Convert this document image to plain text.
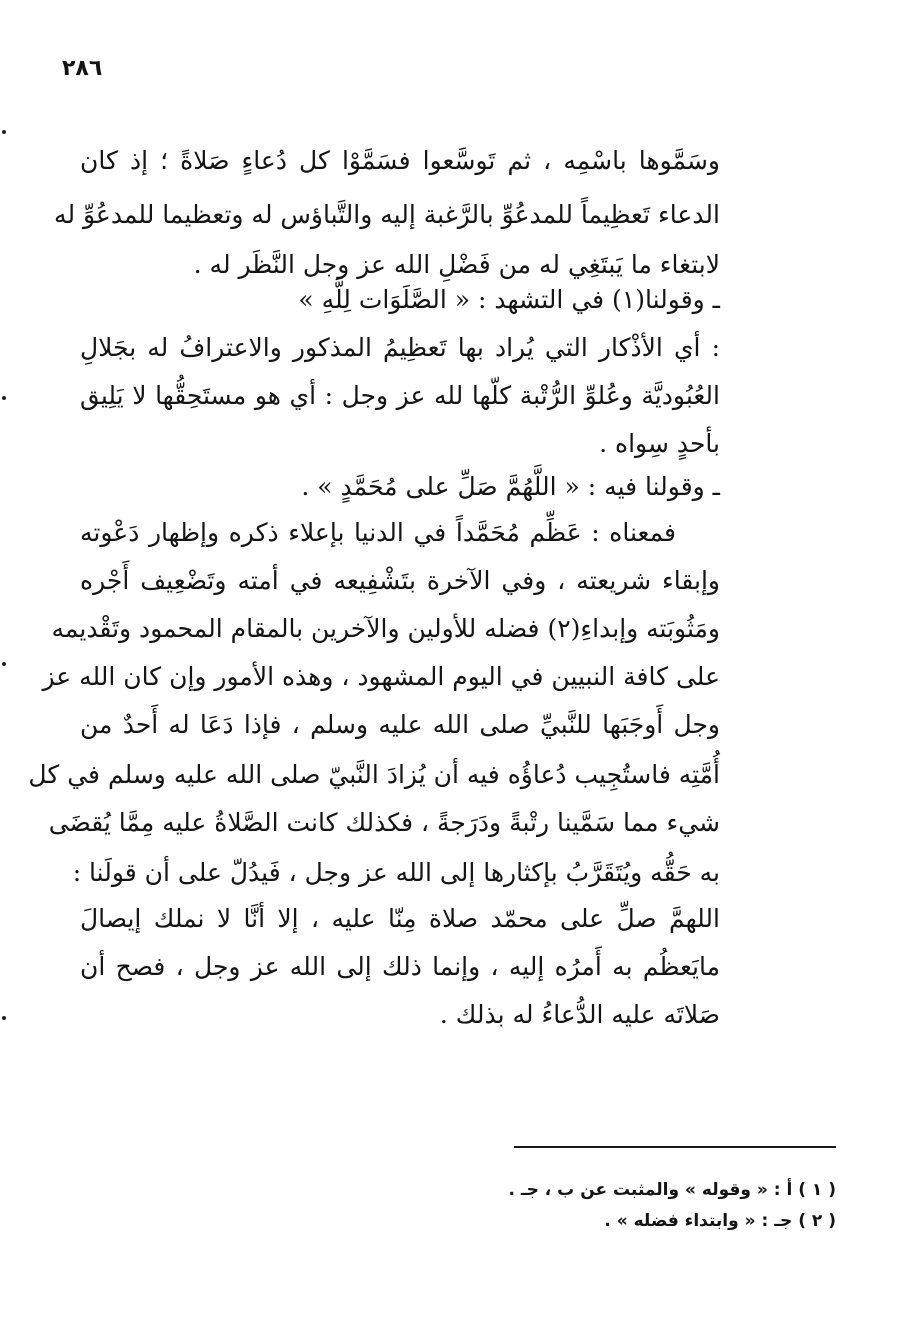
٢٨٦
وسَمَّوها باسْمِه ، ثم تَوسَّعوا فسَمَّوْا كل دُعاءٍ صَلاةً ؛ إذ كان
الدعاء تَعظِيماً للمدعُوِّ بالرَّغبة إليه والتَّباؤس له وتعظيما للمدعُوِّ له
لابتغاء ما يَبتَغِي له من فَضْلِ الله عز وجل النَّظَر له .
ـ وقولنا(١) في التشهد : « الصَّلَوَات لِلَّهِ »
: أي الأذْكار التي يُراد بها تَعظِيمُ المذكور والاعترافُ له بجَلالِ
العُبُوديَّة وعُلوِّ الرُّتْبة كلّها لله عز وجل : أي هو مستَحِقُّها لا يَلِيق
بأحدٍ سِواه .
ـ وقولنا فيه : « اللَّهُمَّ صَلِّ على مُحَمَّدٍ » .
فمعناه : عَظِّم مُحَمَّداً في الدنيا بإعلاء ذكره وإظهار دَعْوته
وإبقاء شريعته ، وفي الآخرة بتَشْفِيعه في أمته وتَضْعِيف أَجْره
ومَثُوبَته وإبداءِ(٢) فضله للأولين والآخرين بالمقام المحمود وتَقْديمه
على كافة النبيين في اليوم المشهود ، وهذه الأمور وإن كان الله عز
وجل أَوجَبَها للنَّبيِّ صلى الله عليه وسلم ، فإذا دَعَا له أَحدٌ من
أُمَّتِه فاستُجِيب دُعاؤُه فيه أن يُزادَ النَّبيّ صلى الله عليه وسلم في كل
شيء مما سَمَّينا رتْبةً ودَرَجةً ، فكذلك كانت الصَّلاةُ عليه مِمَّا يُقضَى
به حَقُّه ويُتَقَرَّبُ بإكثارها إلى الله عز وجل ، فَيدُلّ على أن قولَنا :
اللهمَّ صلِّ على محمّد صلاة مِنّا عليه ، إلا أنَّا لا نملك إيصالَ
مايَعظُم به أَمرُه إليه ، وإنما ذلك إلى الله عز وجل ، فصح أن
صَلاتَه عليه الدُّعاءُ له بذلك .
( ١ ) أ : « وقوله » والمثبت عن ب ، جـ .
( ٢ ) جـ : « وابتداء فضله » .
